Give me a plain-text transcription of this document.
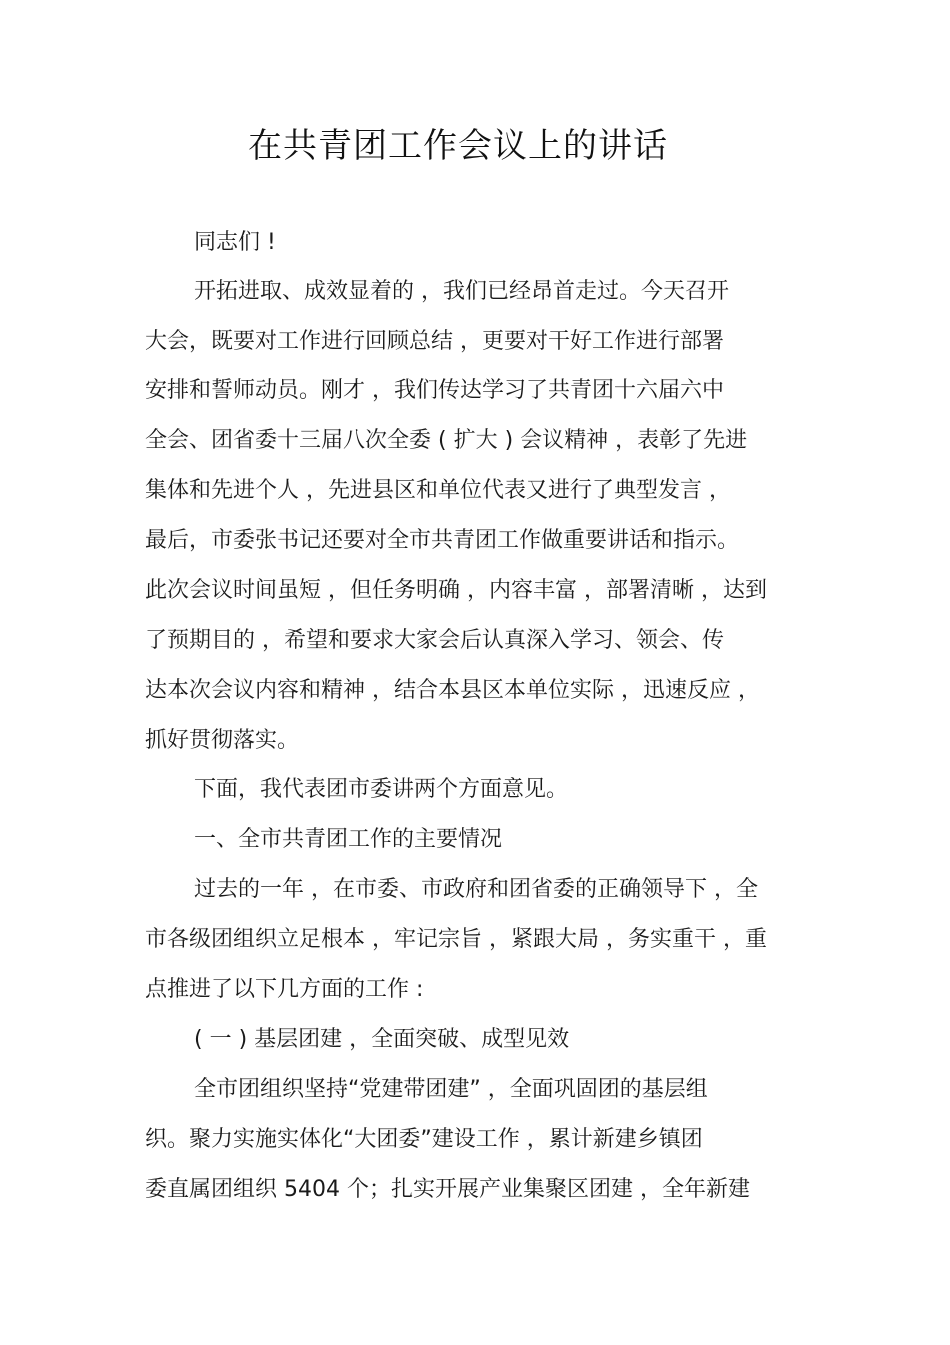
在共青团工作会议上的讲话
同志们 !
开拓进取、成效显着的 ，我们已经昂首走过。今天召开
大会，既要对工作进行回顾总结 ，更要对干好工作进行部署
安排和誓师动员。刚才 ，我们传达学习了共青团十六届六中
全会、团省委十三届八次全委 ( 扩大 ) 会议精神 ，表彰了先进
集体和先进个人 ，先进县区和单位代表又进行了典型发言 ，
最后，市委张书记还要对全市共青团工作做重要讲话和指示。
此次会议时间虽短 ，但任务明确 ，内容丰富 ，部署清晰 ，达到
了预期目的 ，希望和要求大家会后认真深入学习、领会、传
达本次会议内容和精神 ，结合本县区本单位实际 ，迅速反应 ，
抓好贯彻落实。
下面，我代表团市委讲两个方面意见。
一、全市共青团工作的主要情况
过去的一年 ，在市委、市政府和团省委的正确领导下 ，全
市各级团组织立足根本 ，牢记宗旨 ，紧跟大局 ，务实重干 ，重
点推进了以下几方面的工作 :
( 一 ) 基层团建 ，全面突破、成型见效
全市团组织坚持“党建带团建” ，全面巩固团的基层组
织。聚力实施实体化“大团委”建设工作 ，累计新建乡镇团
委直属团组织 5404 个；扎实开展产业集聚区团建 ，全年新建
